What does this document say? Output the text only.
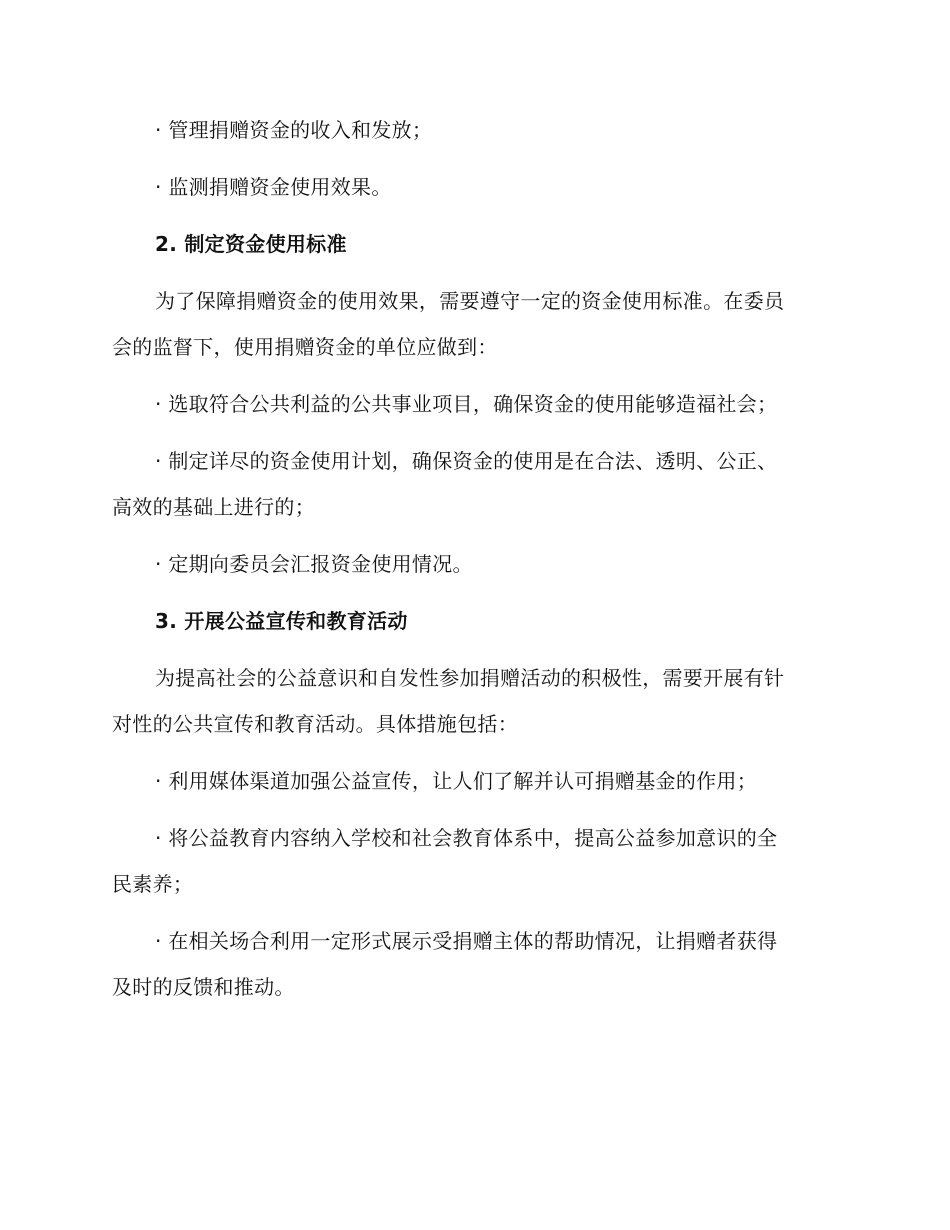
· 管理捐赠资金的收入和发放；
· 监测捐赠资金使用效果。
2. 制定资金使用标准
为了保障捐赠资金的使用效果，需要遵守一定的资金使用标准。在委员
会的监督下，使用捐赠资金的单位应做到：
· 选取符合公共利益的公共事业项目，确保资金的使用能够造福社会；
· 制定详尽的资金使用计划，确保资金的使用是在合法、透明、公正、
高效的基础上进行的；
· 定期向委员会汇报资金使用情况。
3. 开展公益宣传和教育活动
为提高社会的公益意识和自发性参加捐赠活动的积极性，需要开展有针
对性的公共宣传和教育活动。具体措施包括：
· 利用媒体渠道加强公益宣传，让人们了解并认可捐赠基金的作用；
· 将公益教育内容纳入学校和社会教育体系中，提高公益参加意识的全
民素养；
· 在相关场合利用一定形式展示受捐赠主体的帮助情况，让捐赠者获得
及时的反馈和推动。
